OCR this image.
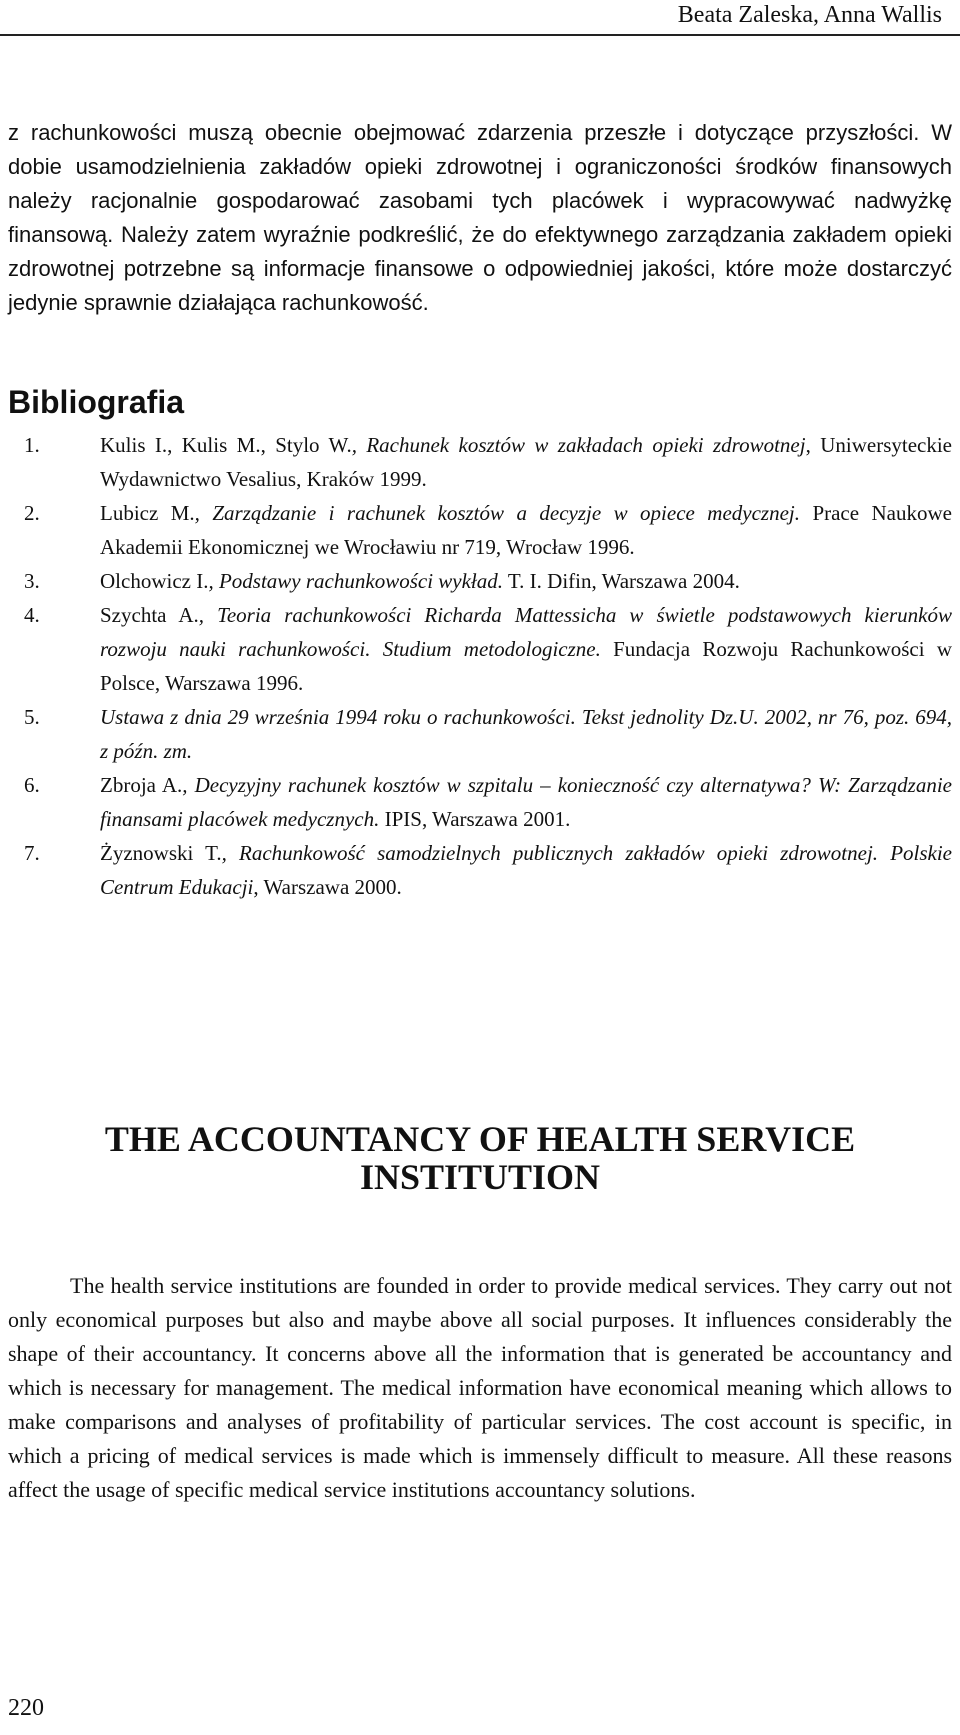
Beata Zaleska, Anna Wallis
z rachunkowości muszą obecnie obejmować zdarzenia przeszłe i dotyczące przyszłości. W dobie usamodzielnienia zakładów opieki zdrowotnej i ograniczoności środków finansowych należy racjonalnie gospodarować zasobami tych placówek i wypracowywać nadwyżkę finansową. Należy zatem wyraźnie podkreślić, że do efektywnego zarządzania zakładem opieki zdrowotnej potrzebne są informacje finansowe o odpowiedniej jakości, które może dostarczyć jedynie sprawnie działająca rachunkowość.
Bibliografia
1.	Kulis I., Kulis M., Stylo W., Rachunek kosztów w zakładach opieki zdrowotnej, Uniwersyteckie Wydawnictwo Vesalius, Kraków 1999.
2.	Lubicz M., Zarządzanie i rachunek kosztów a decyzje w opiece medycznej. Prace Naukowe Akademii Ekonomicznej we Wrocławiu nr 719, Wrocław 1996.
3.	Olchowicz I., Podstawy rachunkowości wykład. T. I. Difin, Warszawa 2004.
4.	Szychta A., Teoria rachunkowości Richarda Mattessicha w świetle podstawowych kierunków rozwoju nauki rachunkowości. Studium metodologiczne. Fundacja Rozwoju Rachunkowości w Polsce, Warszawa 1996.
5.	Ustawa z dnia 29 września 1994 roku o rachunkowości. Tekst jednolity Dz.U. 2002, nr 76, poz. 694, z późn. zm.
6.	Zbroja A., Decyzyjny rachunek kosztów w szpitalu – konieczność czy alternatywa? W: Zarządzanie finansami placówek medycznych. IPIS, Warszawa 2001.
7.	Żyznowski T., Rachunkowość samodzielnych publicznych zakładów opieki zdrowotnej. Polskie Centrum Edukacji, Warszawa 2000.
THE ACCOUNTANCY OF HEALTH SERVICE
INSTITUTION

The health service institutions are founded in order to provide medical services. They carry out not only economical purposes but also and maybe above all social purposes. It influences considerably the shape of their accountancy. It concerns above all the information that is generated be accountancy and which is necessary for management. The medical information have economical meaning which allows to make comparisons and analyses of profitability of particular services. The cost account is specific, in which a pricing of medical services is made which is immensely difficult to measure. All these reasons affect the usage of specific medical service institutions accountancy solutions.

220
